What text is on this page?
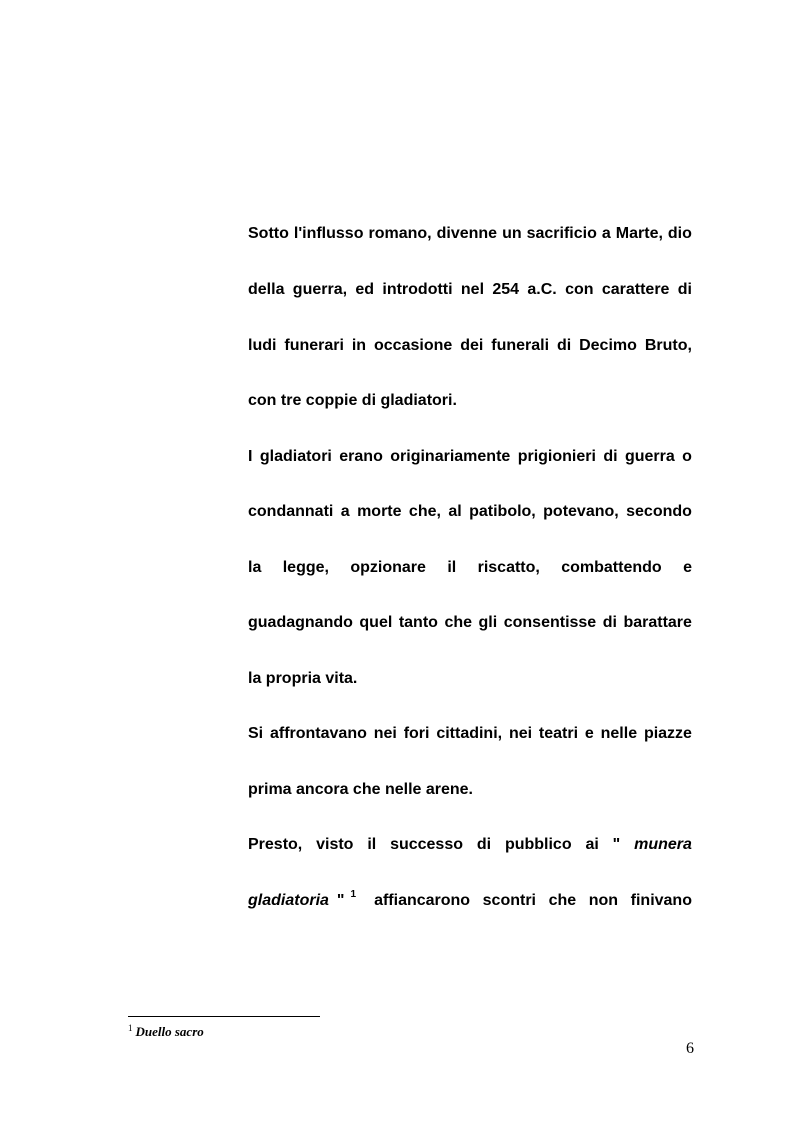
Sotto l'influsso romano, divenne un sacrificio a Marte, dio
della guerra, ed introdotti nel 254 a.C. con carattere di
ludi funerari in occasione dei funerali di Decimo Bruto,
con tre coppie di gladiatori.
I gladiatori erano originariamente prigionieri di guerra o
condannati a morte che, al patibolo, potevano, secondo
la legge, opzionare il riscatto, combattendo e
guadagnando quel tanto che gli consentisse di barattare
la propria vita.
Si affrontavano nei fori cittadini, nei teatri e nelle piazze
prima ancora che nelle arene.
Presto, visto il successo di pubblico ai " munera
gladiatoria " 1 affiancarono scontri che non finivano
$^1$ Duello sacro
6
